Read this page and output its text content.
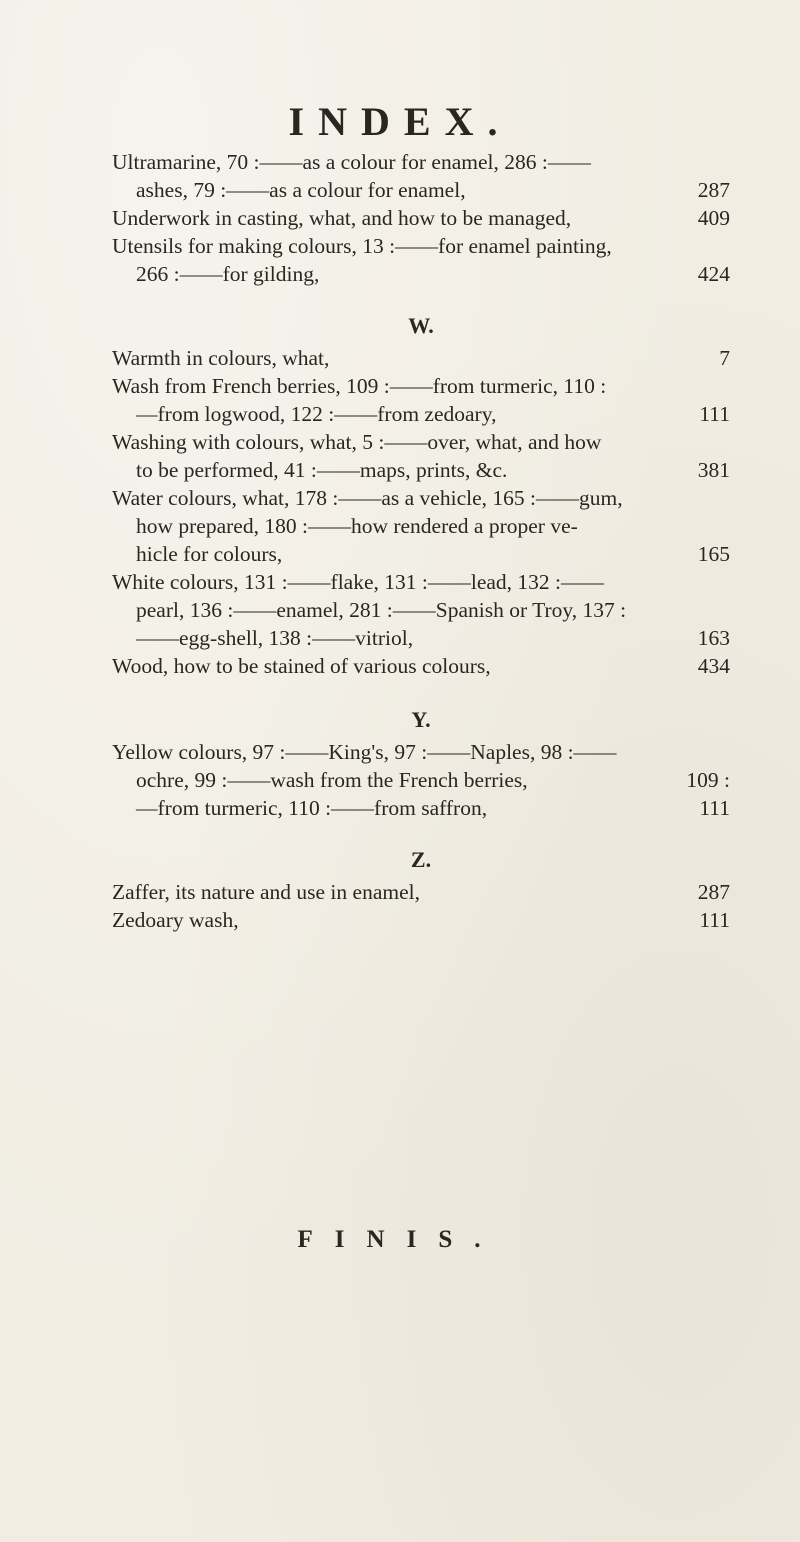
INDEX.
Ultramarine, 70 :——as a colour for enamel, 286 :——
ashes, 79 :——as a colour for enamel,	287
Underwork in casting, what, and how to be managed,	409
Utensils for making colours, 13 :——for enamel painting,
266 :——for gilding,	424
W.
Warmth in colours, what,	7
Wash from French berries, 109 :——from turmeric, 110 :
—from logwood, 122 :——from zedoary,	111
Washing with colours, what, 5 :——over, what, and how
to be performed, 41 :——maps, prints, &c.	381
Water colours, what, 178 :——as a vehicle, 165 :——gum,
how prepared, 180 :——how rendered a proper ve-
hicle for colours,	165
White colours, 131 :——flake, 131 :——lead, 132 :——
pearl, 136 :——enamel, 281 :——Spanish or Troy, 137 :
——egg-shell, 138 :——vitriol,	163
Wood, how to be stained of various colours,	434
Y.
Yellow colours, 97 :——King's, 97 :——Naples, 98 :——
ochre, 99 :——wash from the French berries,	109 :
—from turmeric, 110 :——from saffron,	111
Z.
Zaffer, its nature and use in enamel,	287
Zedoary wash,	111
FINIS.
